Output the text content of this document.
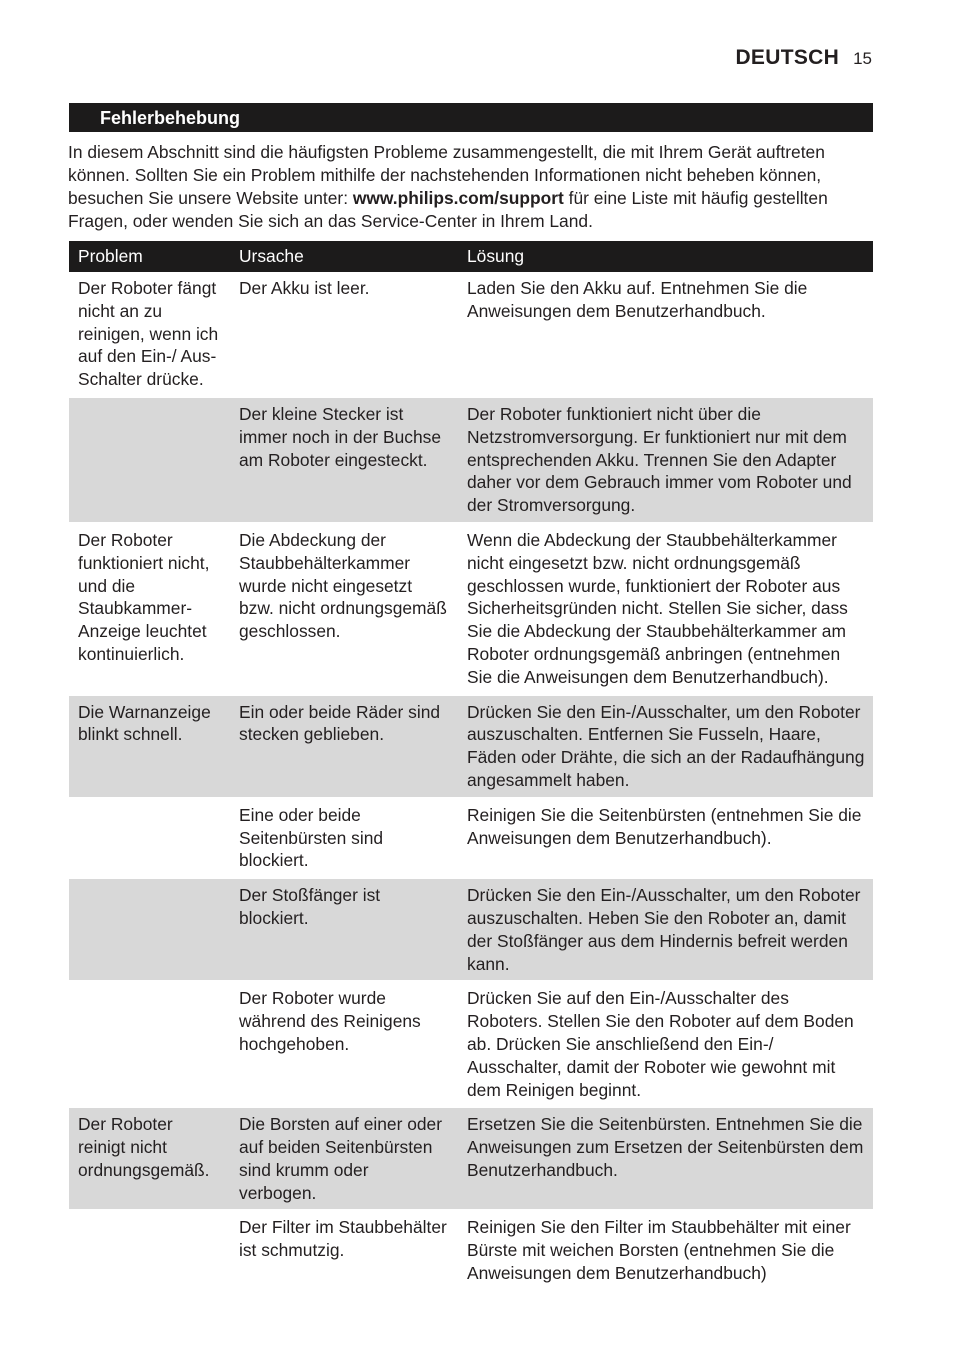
DEUTSCH 15
Fehlerbehebung

In diesem Abschnitt sind die häufigsten Probleme zusammengestellt, die mit Ihrem Gerät auftreten können. Sollten Sie ein Problem mithilfe der nachstehenden Informationen nicht beheben können, besuchen Sie unsere Website unter: www.philips.com/support für eine Liste mit häufig gestellten Fragen, oder wenden Sie sich an das Service-Center in Ihrem Land.

Problem	Ursache	Lösung
Der Roboter fängt nicht an zu reinigen, wenn ich auf den Ein-/ Aus-Schalter drücke.	Der Akku ist leer.	Laden Sie den Akku auf. Entnehmen Sie die Anweisungen dem Benutzerhandbuch.
	Der kleine Stecker ist immer noch in der Buchse am Roboter eingesteckt.	Der Roboter funktioniert nicht über die Netzstromversorgung. Er funktioniert nur mit dem entsprechenden Akku. Trennen Sie den Adapter daher vor dem Gebrauch immer vom Roboter und der Stromversorgung.
Der Roboter funktioniert nicht, und die Staubkammer-Anzeige leuchtet kontinuierlich.	Die Abdeckung der Staubbehälterkammer wurde nicht eingesetzt bzw. nicht ordnungsgemäß geschlossen.	Wenn die Abdeckung der Staubbehälterkammer nicht eingesetzt bzw. nicht ordnungsgemäß geschlossen wurde, funktioniert der Roboter aus Sicherheitsgründen nicht. Stellen Sie sicher, dass Sie die Abdeckung der Staubbehälterkammer am Roboter ordnungsgemäß anbringen (entnehmen Sie die Anweisungen dem Benutzerhandbuch).
Die Warnanzeige blinkt schnell.	Ein oder beide Räder sind stecken geblieben.	Drücken Sie den Ein-/Ausschalter, um den Roboter auszuschalten. Entfernen Sie Fusseln, Haare, Fäden oder Drähte, die sich an der Radaufhängung angesammelt haben.
	Eine oder beide Seitenbürsten sind blockiert.	Reinigen Sie die Seitenbürsten (entnehmen Sie die Anweisungen dem Benutzerhandbuch).
	Der Stoßfänger ist blockiert.	Drücken Sie den Ein-/Ausschalter, um den Roboter auszuschalten. Heben Sie den Roboter an, damit der Stoßfänger aus dem Hindernis befreit werden kann.
	Der Roboter wurde während des Reinigens hochgehoben.	Drücken Sie auf den Ein-/Ausschalter des Roboters. Stellen Sie den Roboter auf dem Boden ab. Drücken Sie anschließend den Ein-/ Ausschalter, damit der Roboter wie gewohnt mit dem Reinigen beginnt.
Der Roboter reinigt nicht ordnungsgemäß.	Die Borsten auf einer oder auf beiden Seitenbürsten sind krumm oder verbogen.	Ersetzen Sie die Seitenbürsten. Entnehmen Sie die Anweisungen zum Ersetzen der Seitenbürsten dem Benutzerhandbuch.
	Der Filter im Staubbehälter ist schmutzig.	Reinigen Sie den Filter im Staubbehälter mit einer Bürste mit weichen Borsten (entnehmen Sie die Anweisungen dem Benutzerhandbuch)
